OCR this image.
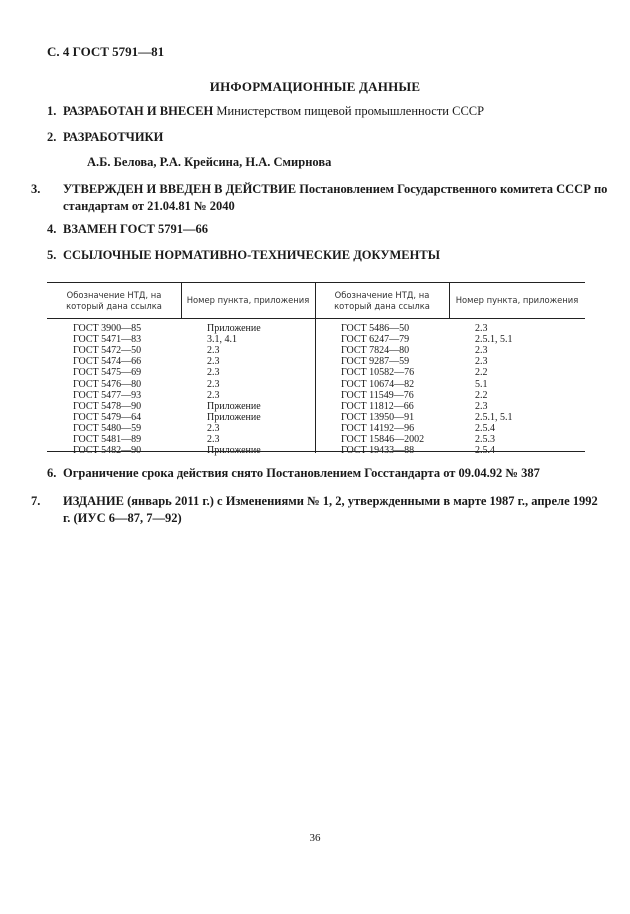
С. 4 ГОСТ 5791—81
ИНФОРМАЦИОННЫЕ ДАННЫЕ
1. РАЗРАБОТАН И ВНЕСЕН Министерством пищевой промышленности СССР
2. РАЗРАБОТЧИКИ
А.Б. Белова, Р.А. Крейсина, Н.А. Смирнова
3. УТВЕРЖДЕН И ВВЕДЕН В ДЕЙСТВИЕ Постановлением Государственного комитета СССР по стандартам от 21.04.81 № 2040
4. ВЗАМЕН ГОСТ 5791—66
5. ССЫЛОЧНЫЕ НОРМАТИВНО-ТЕХНИЧЕСКИЕ ДОКУМЕНТЫ
Обозначение НТД, на который дана ссылка
Номер пункта, приложения
Обозначение НТД, на который дана ссылка
Номер пункта, приложения
ГОСТ 3900—85
ГОСТ 5471—83
ГОСТ 5472—50
ГОСТ 5474—66
ГОСТ 5475—69
ГОСТ 5476—80
ГОСТ 5477—93
ГОСТ 5478—90
ГОСТ 5479—64
ГОСТ 5480—59
ГОСТ 5481—89
ГОСТ 5482—90
Приложение
3.1, 4.1
2.3
2.3
2.3
2.3
2.3
Приложение
Приложение
2.3
2.3
Приложение
ГОСТ 5486—50
ГОСТ 6247—79
ГОСТ 7824—80
ГОСТ 9287—59
ГОСТ 10582—76
ГОСТ 10674—82
ГОСТ 11549—76
ГОСТ 11812—66
ГОСТ 13950—91
ГОСТ 14192—96
ГОСТ 15846—2002
ГОСТ 19433—88
2.3
2.5.1, 5.1
2.3
2.3
2.2
5.1
2.2
2.3
2.5.1, 5.1
2.5.4
2.5.3
2.5.4
6. Ограничение срока действия снято Постановлением Госстандарта от 09.04.92 № 387
7. ИЗДАНИЕ (январь 2011 г.) с Изменениями № 1, 2, утвержденными в марте 1987 г., апреле 1992 г. (ИУС 6—87, 7—92)
36
